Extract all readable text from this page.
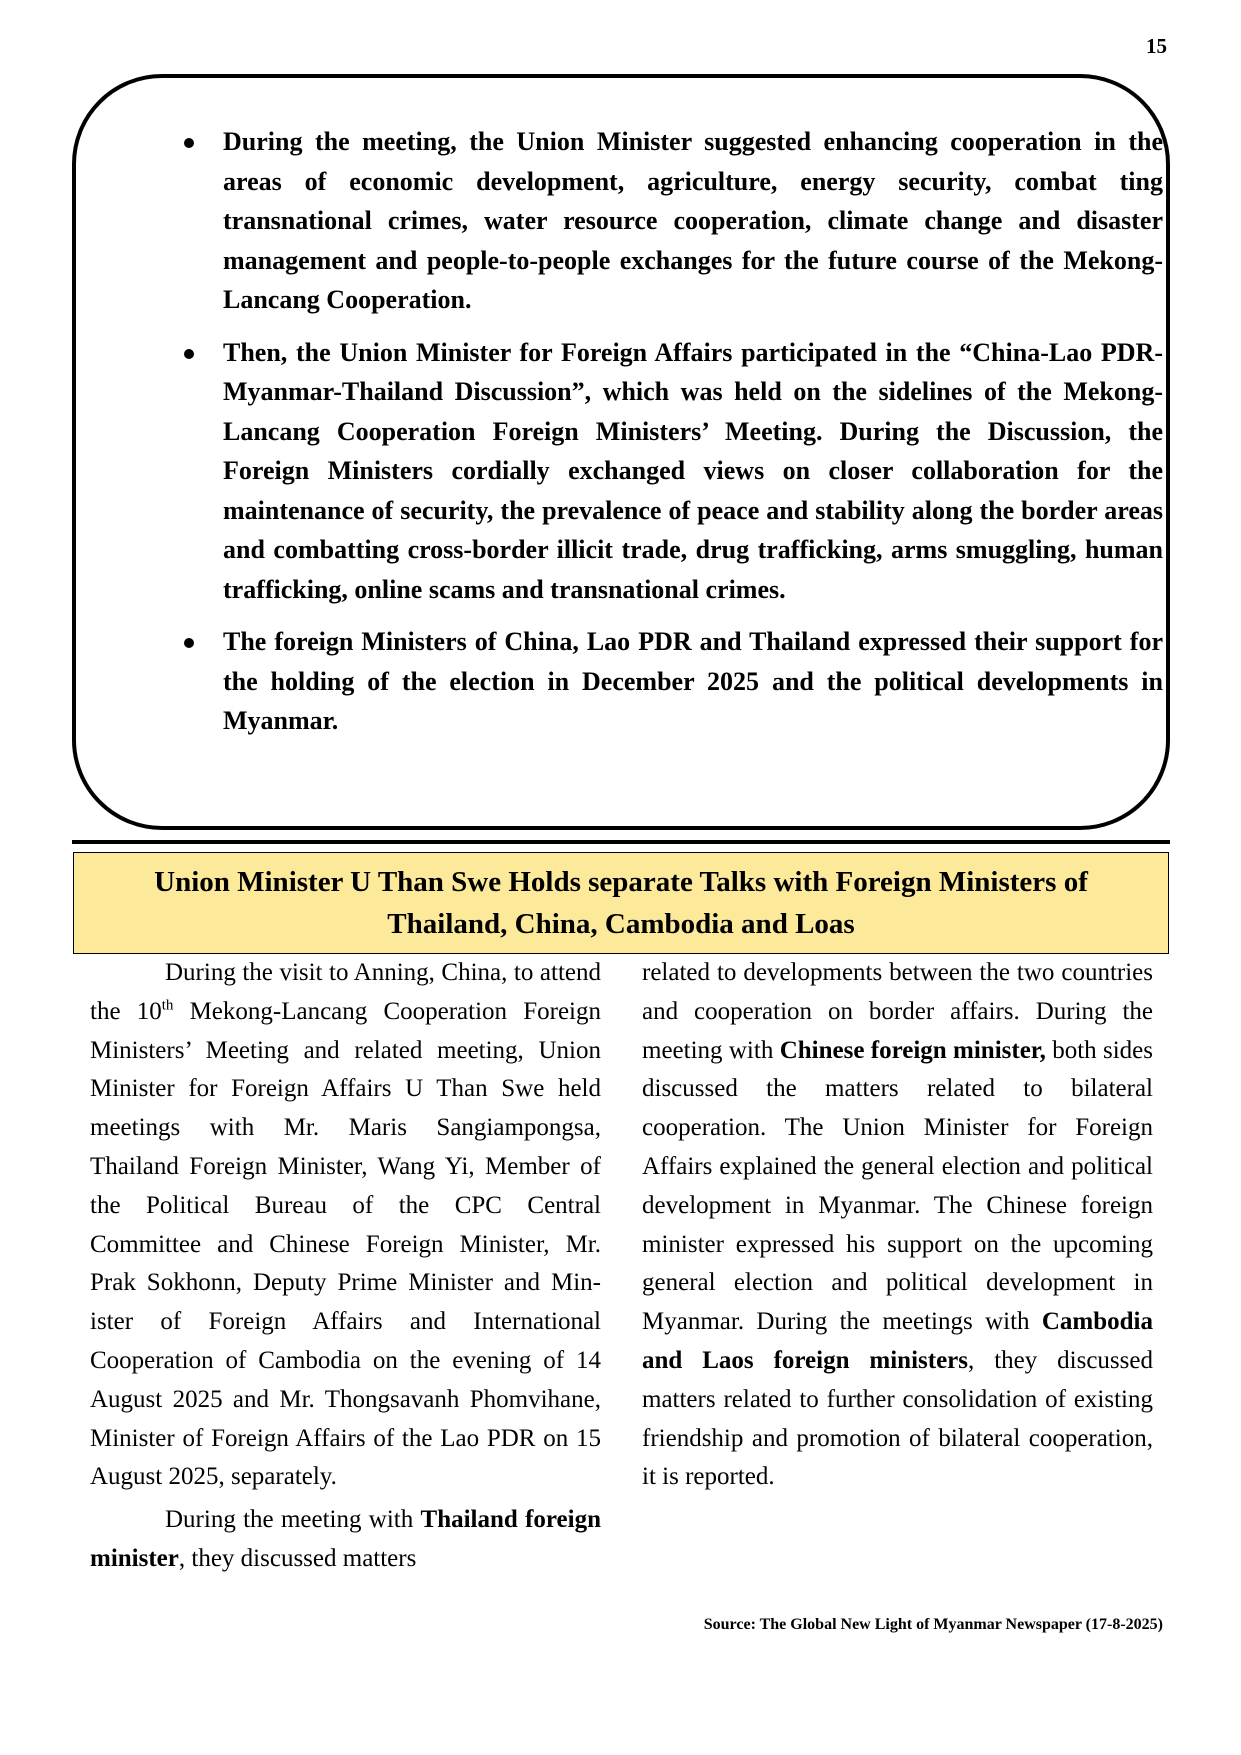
15
During the meeting, the Union Minister suggested enhancing cooperation in the areas of economic development, agriculture, energy security, combat ting transnational crimes, water resource cooperation, climate change and disaster management and people-to-people exchanges for the future course of the Mekong-Lancang Cooperation.
Then, the Union Minister for Foreign Affairs participated in the “China-Lao PDR-Myanmar-Thailand Discussion”, which was held on the sidelines of the Mekong-Lancang Cooperation Foreign Ministers’ Meeting. During the Discussion, the Foreign Ministers cordially exchanged views on closer collaboration for the maintenance of security, the prevalence of peace and stability along the border areas and combatting cross-border illicit trade, drug trafficking, arms smuggling, human trafficking, online scams and transnational crimes.
The foreign Ministers of China, Lao PDR and Thailand expressed their support for the holding of the election in December 2025 and the political developments in Myanmar.
Union Minister U Than Swe Holds separate Talks with Foreign Ministers of Thailand, China, Cambodia and Loas

During the visit to Anning, China, to attend the 10th Mekong-Lancang Cooperation Foreign Ministers’ Meeting and related meeting, Union Minister for Foreign Affairs U Than Swe held meetings with Mr. Maris Sangiampongsa, Thailand Foreign Minister, Wang Yi, Member of the Political Bureau of the CPC Central Committee and Chinese Foreign Minister, Mr. Prak Sokhonn, Deputy Prime Minister and Minister of Foreign Affairs and International Cooperation of Cambodia on the evening of 14 August 2025 and Mr. Thongsavanh Phomvihane, Minister of Foreign Affairs of the Lao PDR on 15 August 2025, separately.

During the meeting with Thailand foreign minister, they discussed matters

related to developments between the two countries and cooperation on border affairs. During the meeting with Chinese foreign minister, both sides discussed the matters related to bilateral cooperation. The Union Minister for Foreign Affairs explained the general election and political development in Myanmar. The Chinese foreign minister expressed his support on the upcoming general election and political development in Myanmar. During the meetings with Cambodia and Laos foreign ministers, they discussed matters related to further consolidation of existing friendship and promotion of bilateral cooperation, it is reported.

Source: The Global New Light of Myanmar Newspaper (17-8-2025)
